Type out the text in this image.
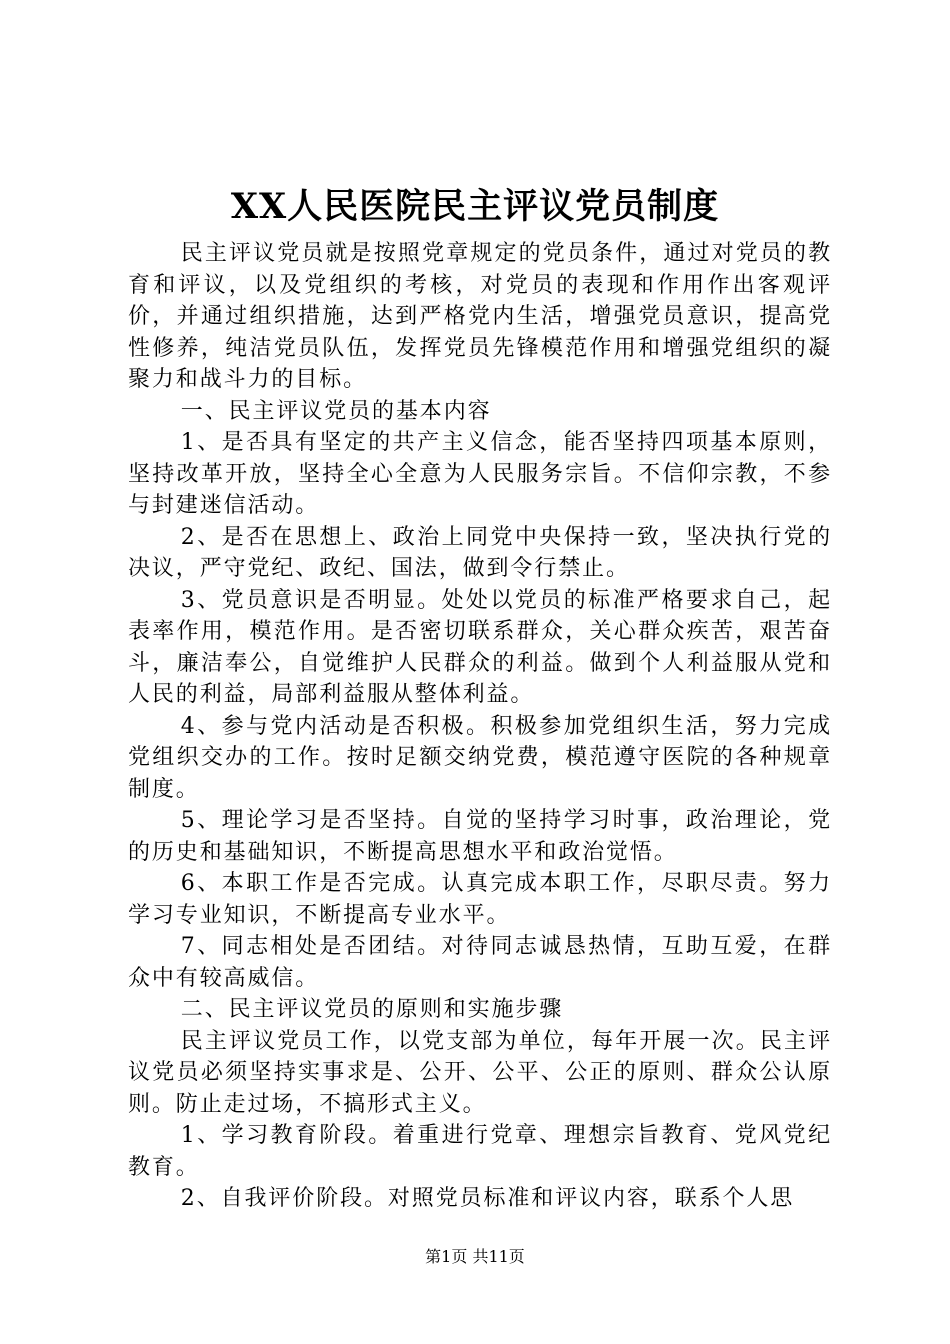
XX人民医院民主评议党员制度

民主评议党员就是按照党章规定的党员条件，通过对党员的教育和评议，以及党组织的考核，对党员的表现和作用作出客观评价，并通过组织措施，达到严格党内生活，增强党员意识，提高党性修养，纯洁党员队伍，发挥党员先锋模范作用和增强党组织的凝聚力和战斗力的目标。

一、民主评议党员的基本内容

1、是否具有坚定的共产主义信念，能否坚持四项基本原则，坚持改革开放，坚持全心全意为人民服务宗旨。不信仰宗教，不参与封建迷信活动。

2、是否在思想上、政治上同党中央保持一致，坚决执行党的决议，严守党纪、政纪、国法，做到令行禁止。

3、党员意识是否明显。处处以党员的标准严格要求自己，起表率作用，模范作用。是否密切联系群众，关心群众疾苦，艰苦奋斗，廉洁奉公，自觉维护人民群众的利益。做到个人利益服从党和人民的利益，局部利益服从整体利益。

4、参与党内活动是否积极。积极参加党组织生活，努力完成党组织交办的工作。按时足额交纳党费，模范遵守医院的各种规章制度。

5、理论学习是否坚持。自觉的坚持学习时事，政治理论，党的历史和基础知识，不断提高思想水平和政治觉悟。

6、本职工作是否完成。认真完成本职工作，尽职尽责。努力学习专业知识，不断提高专业水平。

7、同志相处是否团结。对待同志诚恳热情，互助互爱，在群众中有较高威信。

二、民主评议党员的原则和实施步骤

民主评议党员工作，以党支部为单位，每年开展一次。民主评议党员必须坚持实事求是、公开、公平、公正的原则、群众公认原则。防止走过场，不搞形式主义。

1、学习教育阶段。着重进行党章、理想宗旨教育、党风党纪教育。

2、自我评价阶段。对照党员标准和评议内容，联系个人思

第1页 共11页
